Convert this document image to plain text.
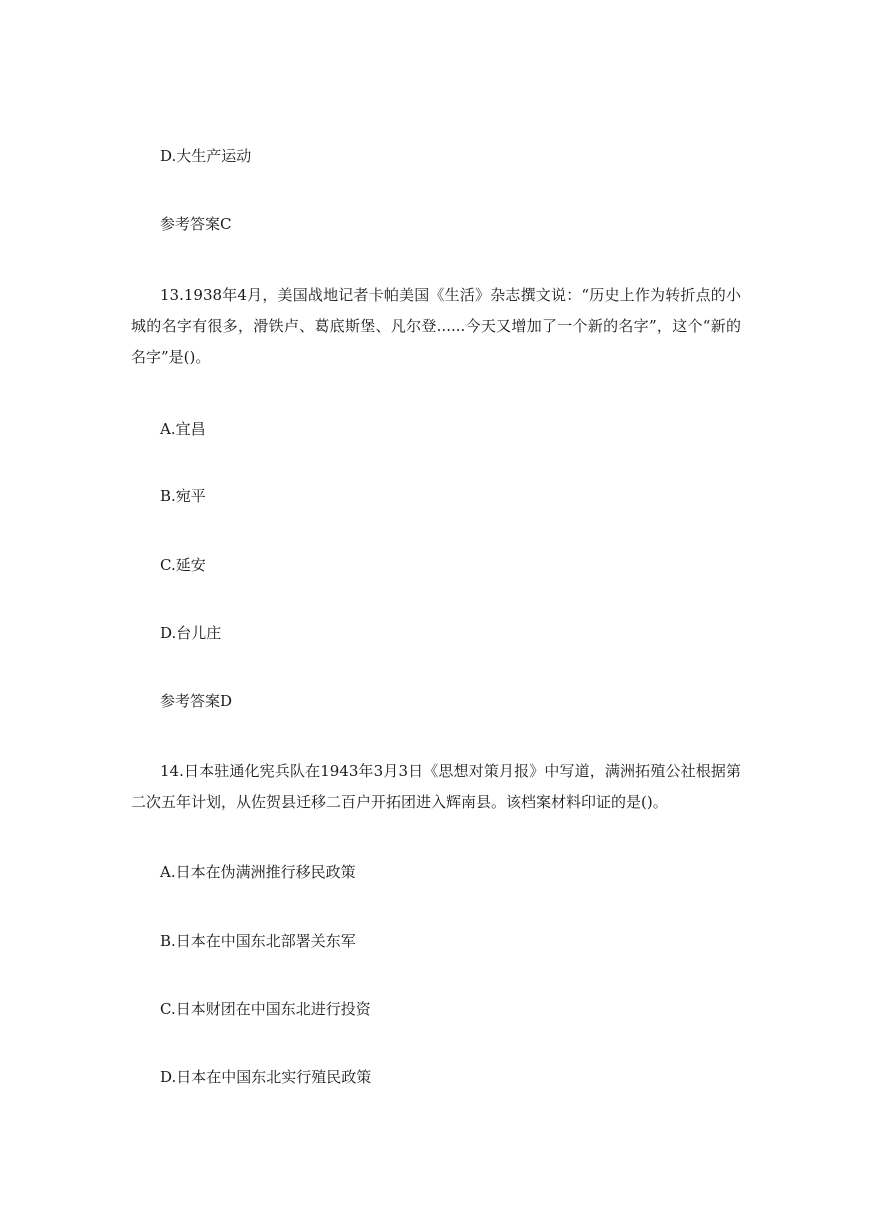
D.大生产运动
参考答案C
13.1938年4月，美国战地记者卡帕美国《生活》杂志撰文说：“历史上作为转折点的小城的名字有很多，滑铁卢、葛底斯堡、凡尔登......今天又增加了一个新的名字”，这个“新的名字”是()。
A.宜昌
B.宛平
C.延安
D.台儿庄
参考答案D
14.日本驻通化宪兵队在1943年3月3日《思想对策月报》中写道，满洲拓殖公社根据第二次五年计划，从佐贺县迁移二百户开拓团进入辉南县。该档案材料印证的是()。
A.日本在伪满洲推行移民政策
B.日本在中国东北部署关东军
C.日本财团在中国东北进行投资
D.日本在中国东北实行殖民政策
